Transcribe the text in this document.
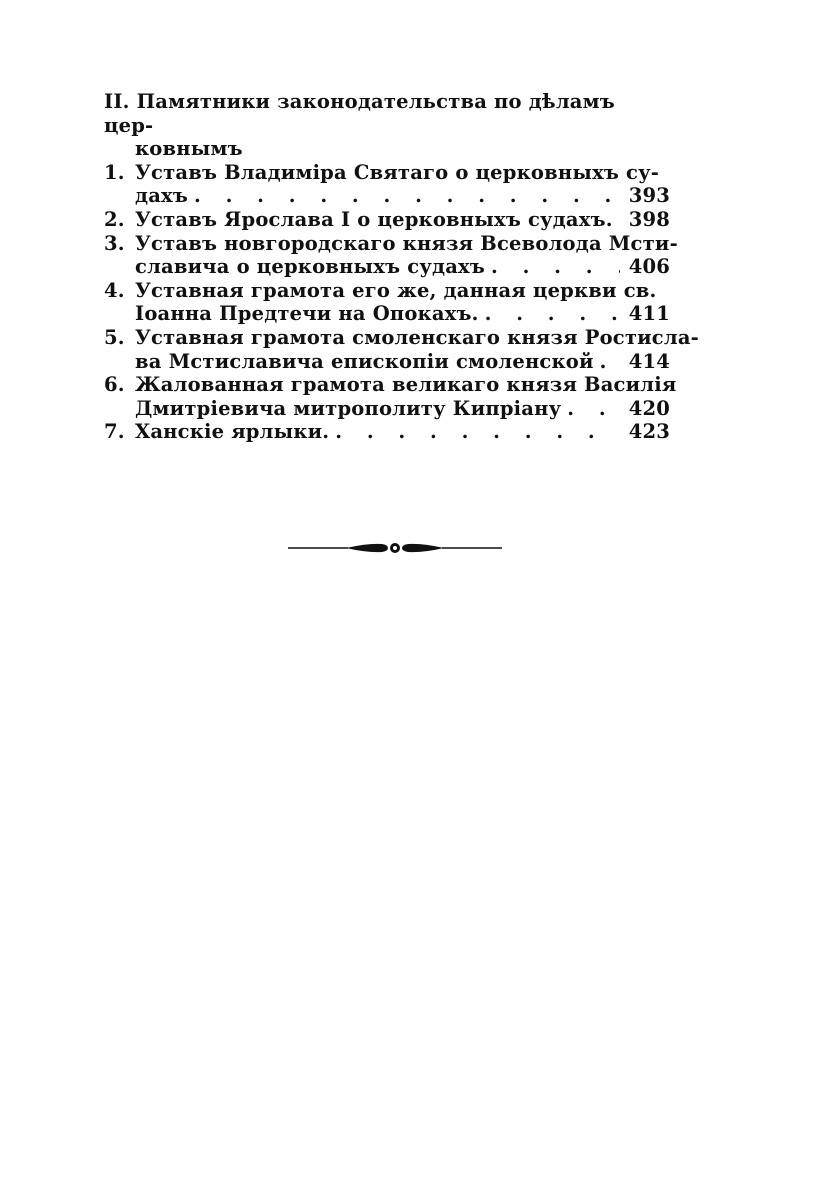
II. Памятники законодательства по дѣламъ цер-
ковнымъ
1. Уставъ Владиміра Святаго о церковныхъ су-
дахъ . . .	393
2. Уставъ Ярослава I о церковныхъ судахъ. . . . 398
3. Уставъ новгородскаго князя Всеволода Мсти-
славича о церковныхъ судахъ . . .	406
4. Уставная грамота его же, данная церкви св.
Іоанна Предтечи на Опокахъ. . . .	411
5. Уставная грамота смоленскаго князя Ростисла-
ва Мстиславича епископіи смоленской . . . 414
6. Жалованная грамота великаго князя Василія
Дмитріевича митрополиту Кипріану . . .	420
7. Ханскіе ярлыки. . . .	423
